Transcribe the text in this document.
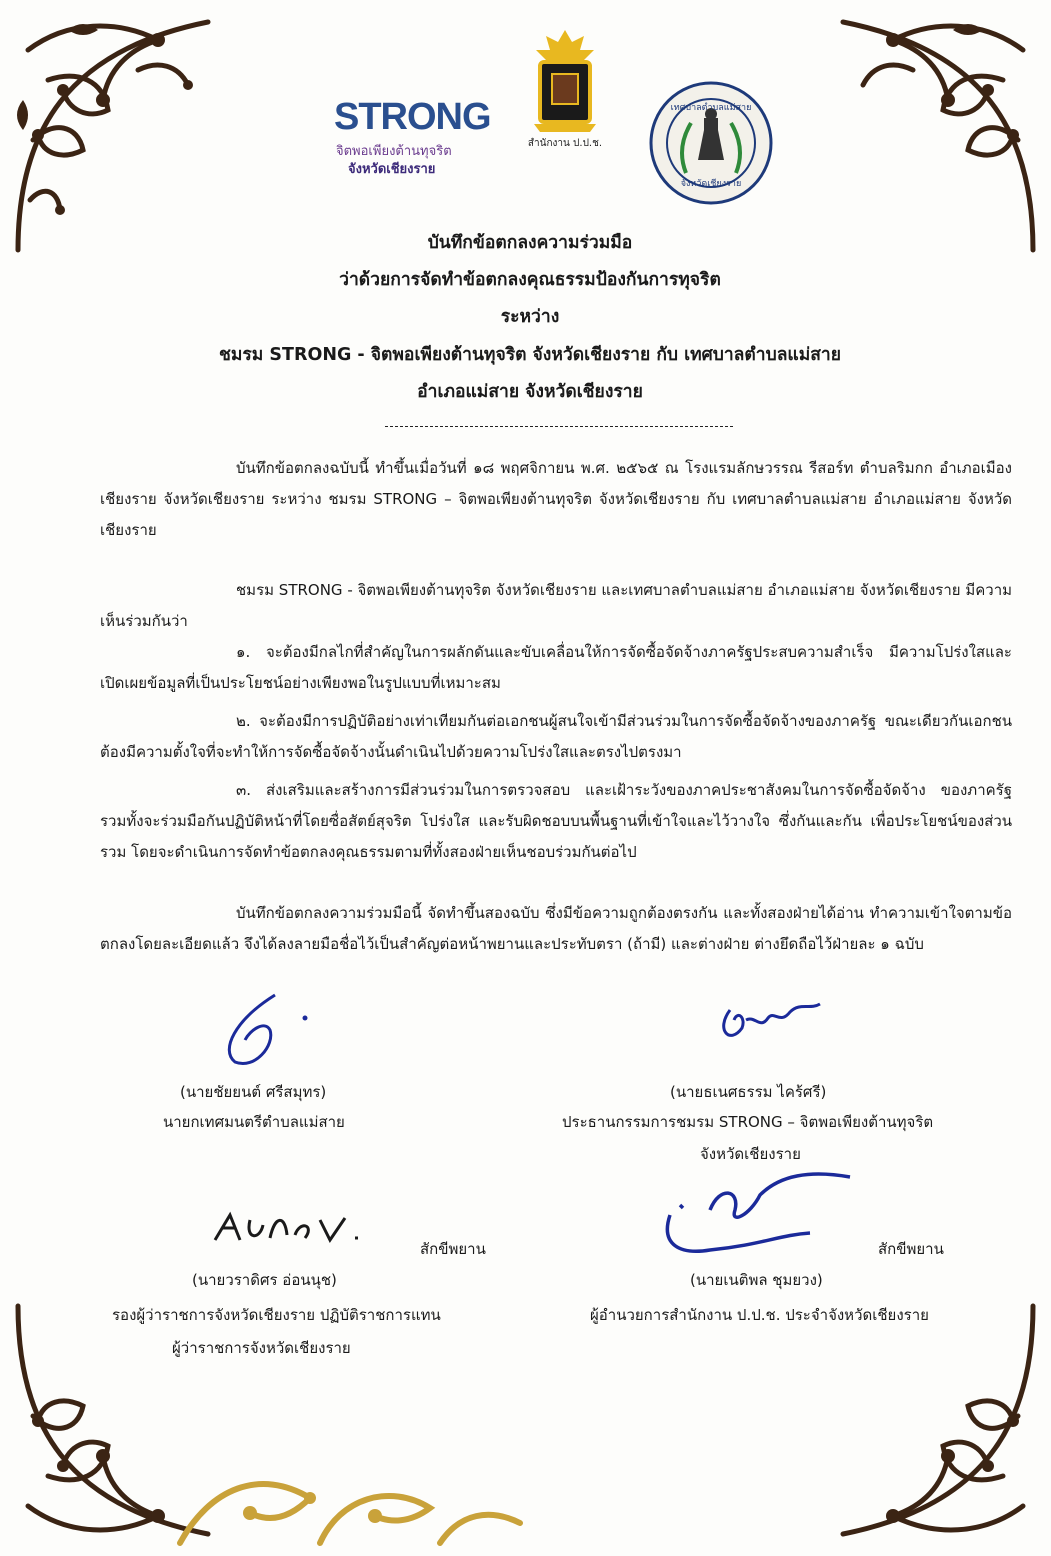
STRONG
จิตพอเพียงต้านทุจริต
จังหวัดเชียงราย
สำนักงาน ป.ป.ช.
เทศบาลตำบลแม่สาย
จังหวัดเชียงราย
บันทึกข้อตกลงความร่วมมือ
ว่าด้วยการจัดทำข้อตกลงคุณธรรมป้องกันการทุจริต
ระหว่าง
ชมรม STRONG - จิตพอเพียงต้านทุจริต จังหวัดเชียงราย กับ เทศบาลตำบลแม่สาย
อำเภอแม่สาย จังหวัดเชียงราย
บันทึกข้อตกลงฉบับนี้ ทำขึ้นเมื่อวันที่ ๑๘ พฤศจิกายน พ.ศ. ๒๕๖๕ ณ โรงแรมลักษวรรณ รีสอร์ท ตำบลริมกก อำเภอเมืองเชียงราย จังหวัดเชียงราย ระหว่าง ชมรม STRONG – จิตพอเพียงต้านทุจริต จังหวัดเชียงราย กับ เทศบาลตำบลแม่สาย อำเภอแม่สาย จังหวัดเชียงราย
ชมรม STRONG - จิตพอเพียงต้านทุจริต จังหวัดเชียงราย และเทศบาลตำบลแม่สาย อำเภอแม่สาย จังหวัดเชียงราย มีความเห็นร่วมกันว่า
๑. จะต้องมีกลไกที่สำคัญในการผลักดันและขับเคลื่อนให้การจัดซื้อจัดจ้างภาครัฐประสบความสำเร็จ มีความโปร่งใสและเปิดเผยข้อมูลที่เป็นประโยชน์อย่างเพียงพอในรูปแบบที่เหมาะสม
๒. จะต้องมีการปฏิบัติอย่างเท่าเทียมกันต่อเอกชนผู้สนใจเข้ามีส่วนร่วมในการจัดซื้อจัดจ้างของภาครัฐ ขณะเดียวกันเอกชนต้องมีความตั้งใจที่จะทำให้การจัดซื้อจัดจ้างนั้นดำเนินไปด้วยความโปร่งใสและตรงไปตรงมา
๓. ส่งเสริมและสร้างการมีส่วนร่วมในการตรวจสอบ และเฝ้าระวังของภาคประชาสังคมในการจัดซื้อจัดจ้าง ของภาครัฐ รวมทั้งจะร่วมมือกันปฏิบัติหน้าที่โดยซื่อสัตย์สุจริต โปร่งใส และรับผิดชอบบนพื้นฐานที่เข้าใจและไว้วางใจ ซึ่งกันและกัน เพื่อประโยชน์ของส่วนรวม โดยจะดำเนินการจัดทำข้อตกลงคุณธรรมตามที่ทั้งสองฝ่ายเห็นชอบร่วมกันต่อไป
บันทึกข้อตกลงความร่วมมือนี้ จัดทำขึ้นสองฉบับ ซึ่งมีข้อความถูกต้องตรงกัน และทั้งสองฝ่ายได้อ่าน ทำความเข้าใจตามข้อตกลงโดยละเอียดแล้ว จึงได้ลงลายมือชื่อไว้เป็นสำคัญต่อหน้าพยานและประทับตรา (ถ้ามี) และต่างฝ่าย ต่างยึดถือไว้ฝ่ายละ ๑ ฉบับ
(นายชัยยนต์ ศรีสมุทร)
นายกเทศมนตรีตำบลแม่สาย
(นายธเนศธรรม ไคร้ศรี)
ประธานกรรมการชมรม STRONG – จิตพอเพียงต้านทุจริต
จังหวัดเชียงราย
สักขีพยาน
(นายวราดิศร อ่อนนุช)
รองผู้ว่าราชการจังหวัดเชียงราย ปฏิบัติราชการแทน
ผู้ว่าราชการจังหวัดเชียงราย
สักขีพยาน
(นายเนติพล ชุมยวง)
ผู้อำนวยการสำนักงาน ป.ป.ช. ประจำจังหวัดเชียงราย
